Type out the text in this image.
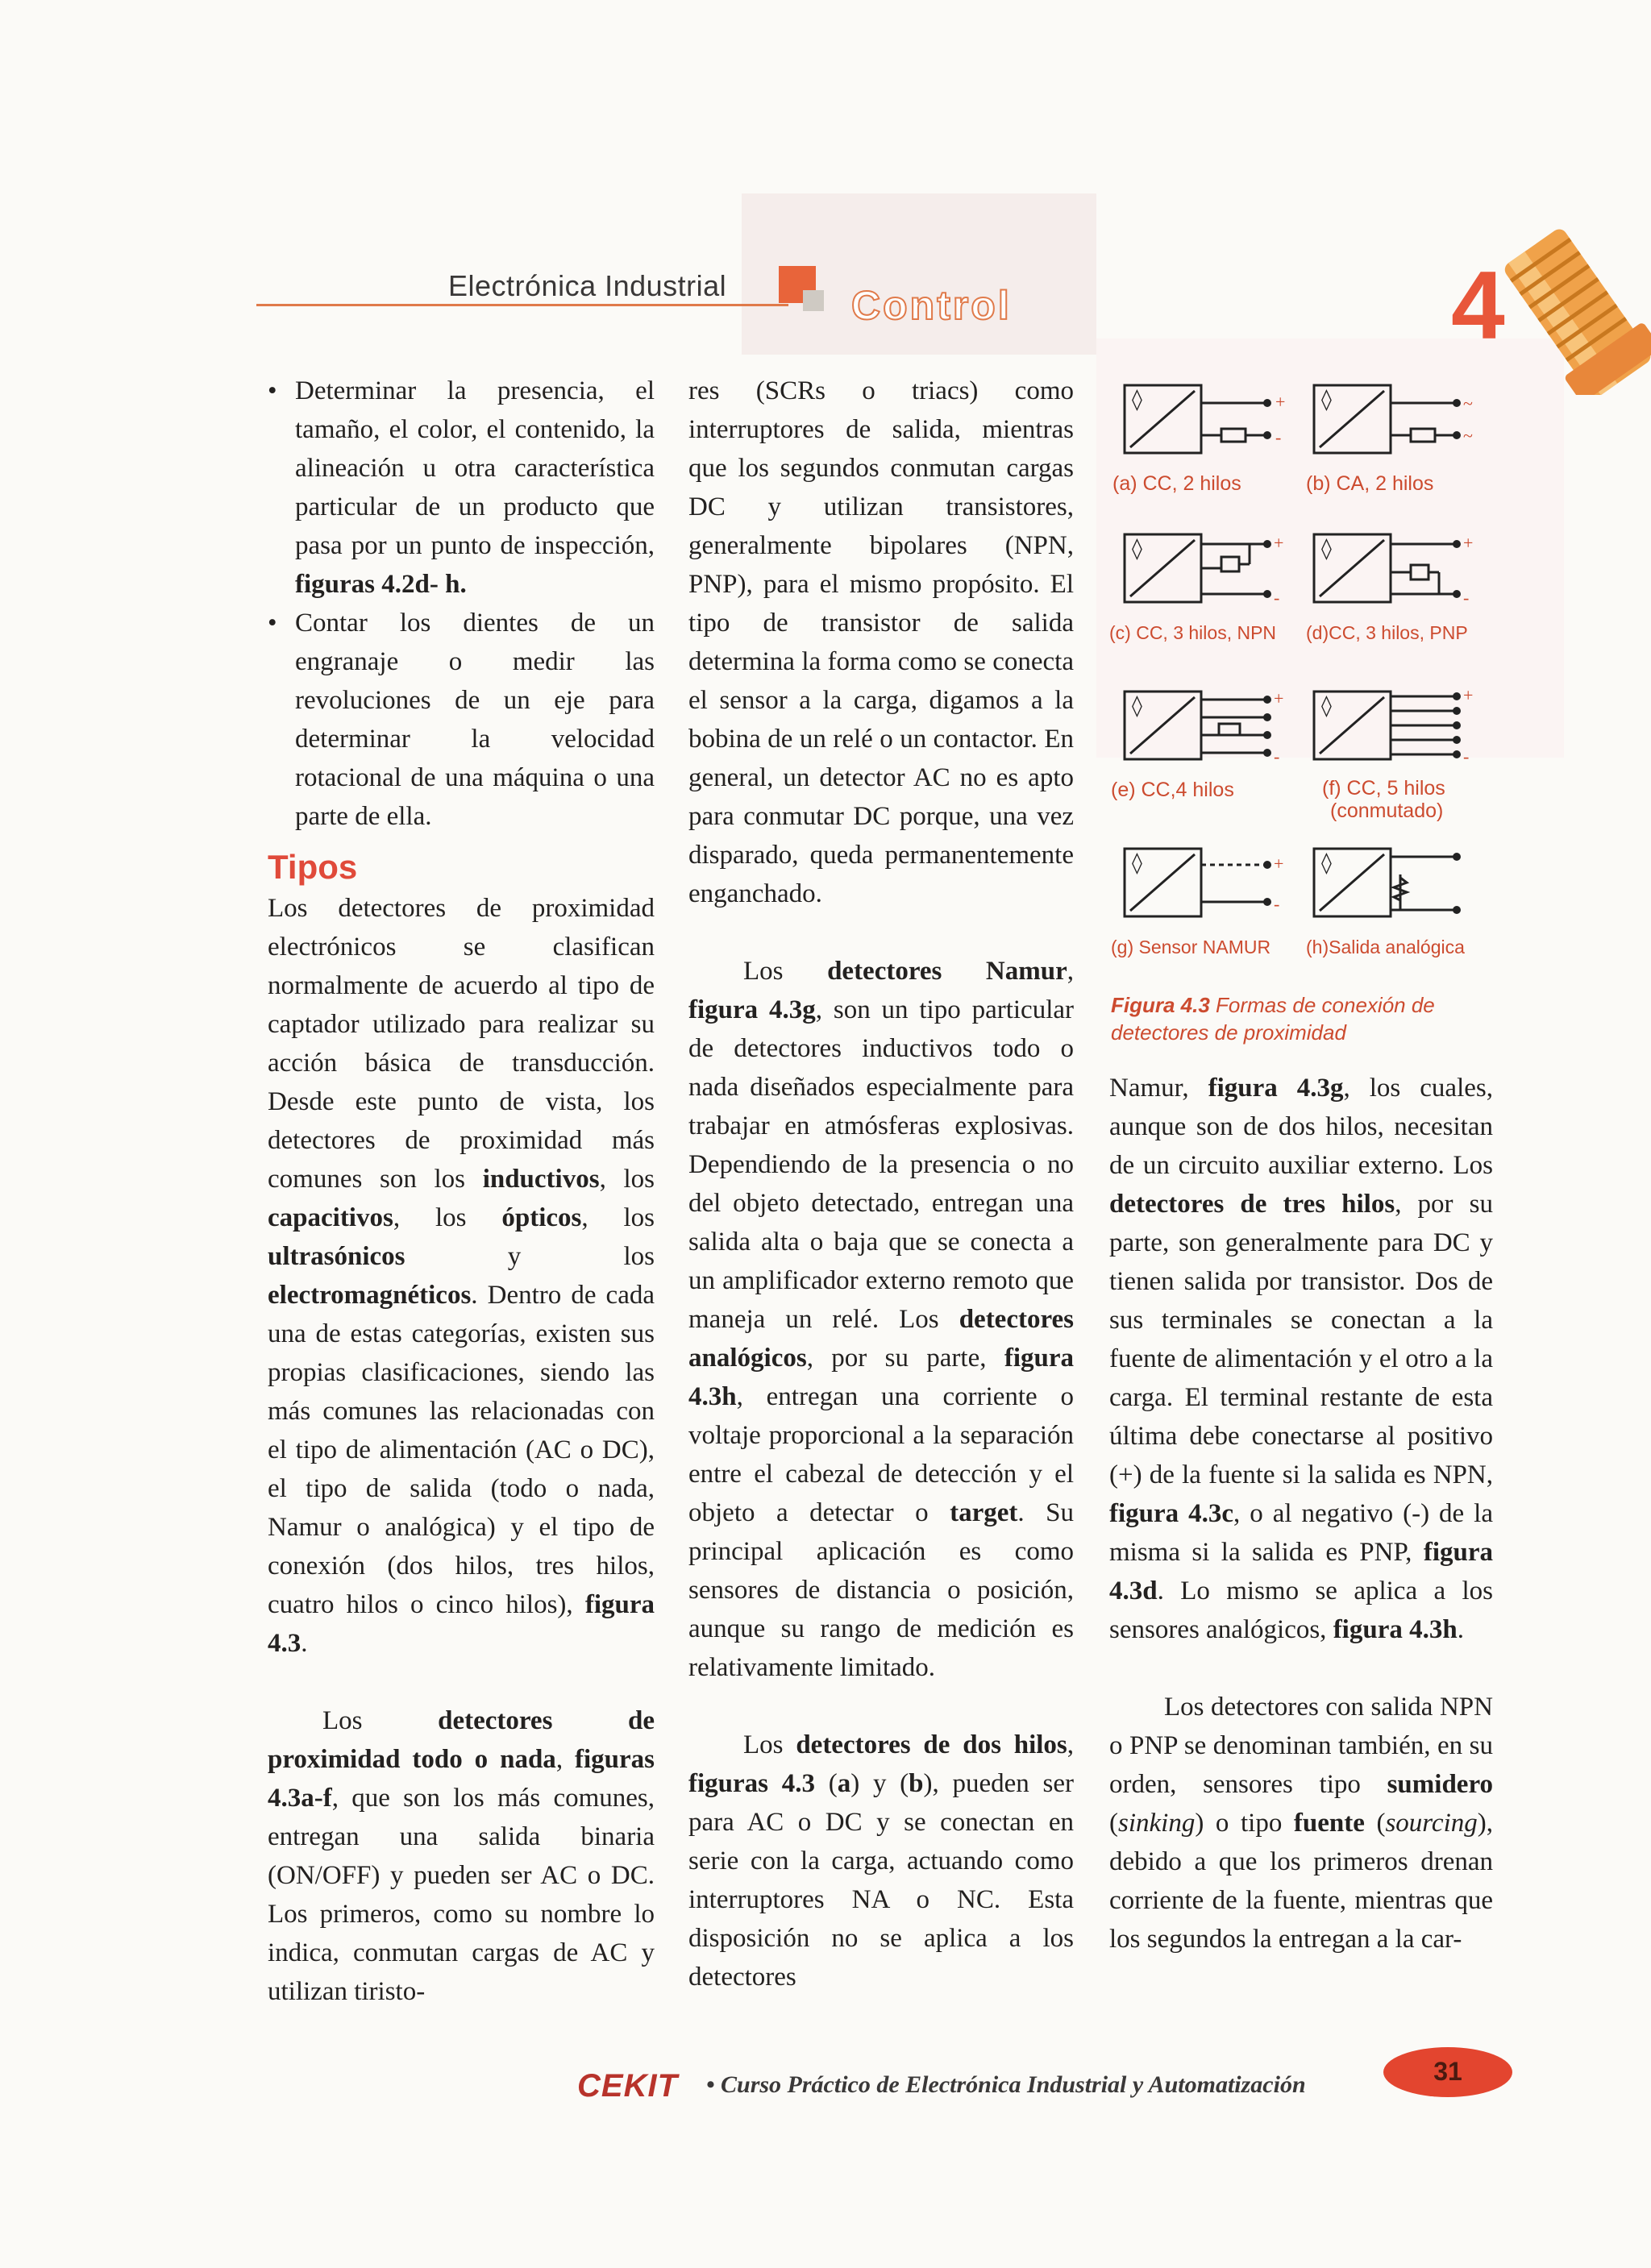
Electrónica Industrial	Control	4
• Determinar la presencia, el tamaño, el color, el contenido, la alineación u otra característica particular de un producto que pasa por un punto de inspección, figuras 4.2d- h.

• Contar los dientes de un engranaje o medir las revoluciones de un eje para determinar la velocidad rotacional de una máquina o una parte de ella.

Tipos

Los detectores de proximidad electrónicos se clasifican normalmente de acuerdo al tipo de captador utilizado para realizar su acción básica de transducción. Desde este punto de vista, los detectores de proximidad más comunes son los inductivos, los capacitivos, los ópticos, los ultrasónicos y los electromagnéticos. Dentro de cada una de estas categorías, existen sus propias clasificaciones, siendo las más comunes las relacionadas con el tipo de alimentación (AC o DC), el tipo de salida (todo o nada, Namur o analógica) y el tipo de conexión (dos hilos, tres hilos, cuatro hilos o cinco hilos), figura 4.3.

Los detectores de proximidad todo o nada, figuras 4.3a-f, que son los más comunes, entregan una salida binaria (ON/OFF) y pueden ser AC o DC. Los primeros, como su nombre lo indica, conmutan cargas de AC y utilizan tiristo-

res (SCRs o triacs) como interruptores de salida, mientras que los segundos conmutan cargas DC y utilizan transistores, generalmente bipolares (NPN, PNP), para el mismo propósito. El tipo de transistor de salida determina la forma como se conecta el sensor a la carga, digamos a la bobina de un relé o un contactor. En general, un detector AC no es apto para conmutar DC porque, una vez disparado, queda permanentemente enganchado.

Los detectores Namur, figura 4.3g, son un tipo particular de detectores inductivos todo o nada diseñados especialmente para trabajar en atmósferas explosivas. Dependiendo de la presencia o no del objeto detectado, entregan una salida alta o baja que se conecta a un amplificador externo remoto que maneja un relé. Los detectores analógicos, por su parte, figura 4.3h, entregan una corriente o voltaje proporcional a la separación entre el cabezal de detección y el objeto a detectar o target. Su principal aplicación es como sensores de distancia o posición, aunque su rango de medición es relativamente limitado.

Los detectores de dos hilos, figuras 4.3 (a) y (b), pueden ser para AC o DC y se conectan en serie con la carga, actuando como interruptores NA o NC. Esta disposición no se aplica a los detectores

◊	+
-
◊	~
~
(a) CC, 2 hilos	(b) CA, 2 hilos
◊	+
-
◊	+
-
(c) CC, 3 hilos, NPN (d)CC, 3 hilos, PNP
◊	+
-
◊	+
-
(e) CC,4 hilos	(f) CC, 5 hilos
(conmutado)
◊	+
-
◊
(g) Sensor NAMUR (h)Salida analógica
Figura 4.3 Formas de conexión de detectores de proximidad

Namur, figura 4.3g, los cuales, aunque son de dos hilos, necesitan de un circuito auxiliar externo. Los detectores de tres hilos, por su parte, son generalmente para DC y tienen salida por transistor. Dos de sus terminales se conectan a la fuente de alimentación y el otro a la carga. El terminal restante de esta última debe conectarse al positivo (+) de la fuente si la salida es NPN, figura 4.3c, o al negativo (-) de la misma si la salida es PNP, figura 4.3d. Lo mismo se aplica a los sensores analógicos, figura 4.3h.

Los detectores con salida NPN o PNP se denominan también, en su orden, sensores tipo sumidero (sinking) o tipo fuente (sourcing), debido a que los primeros drenan corriente de la fuente, mientras que los segundos la entregan a la car-

CEKIT • Curso Práctico de Electrónica Industrial y Automatización	31
